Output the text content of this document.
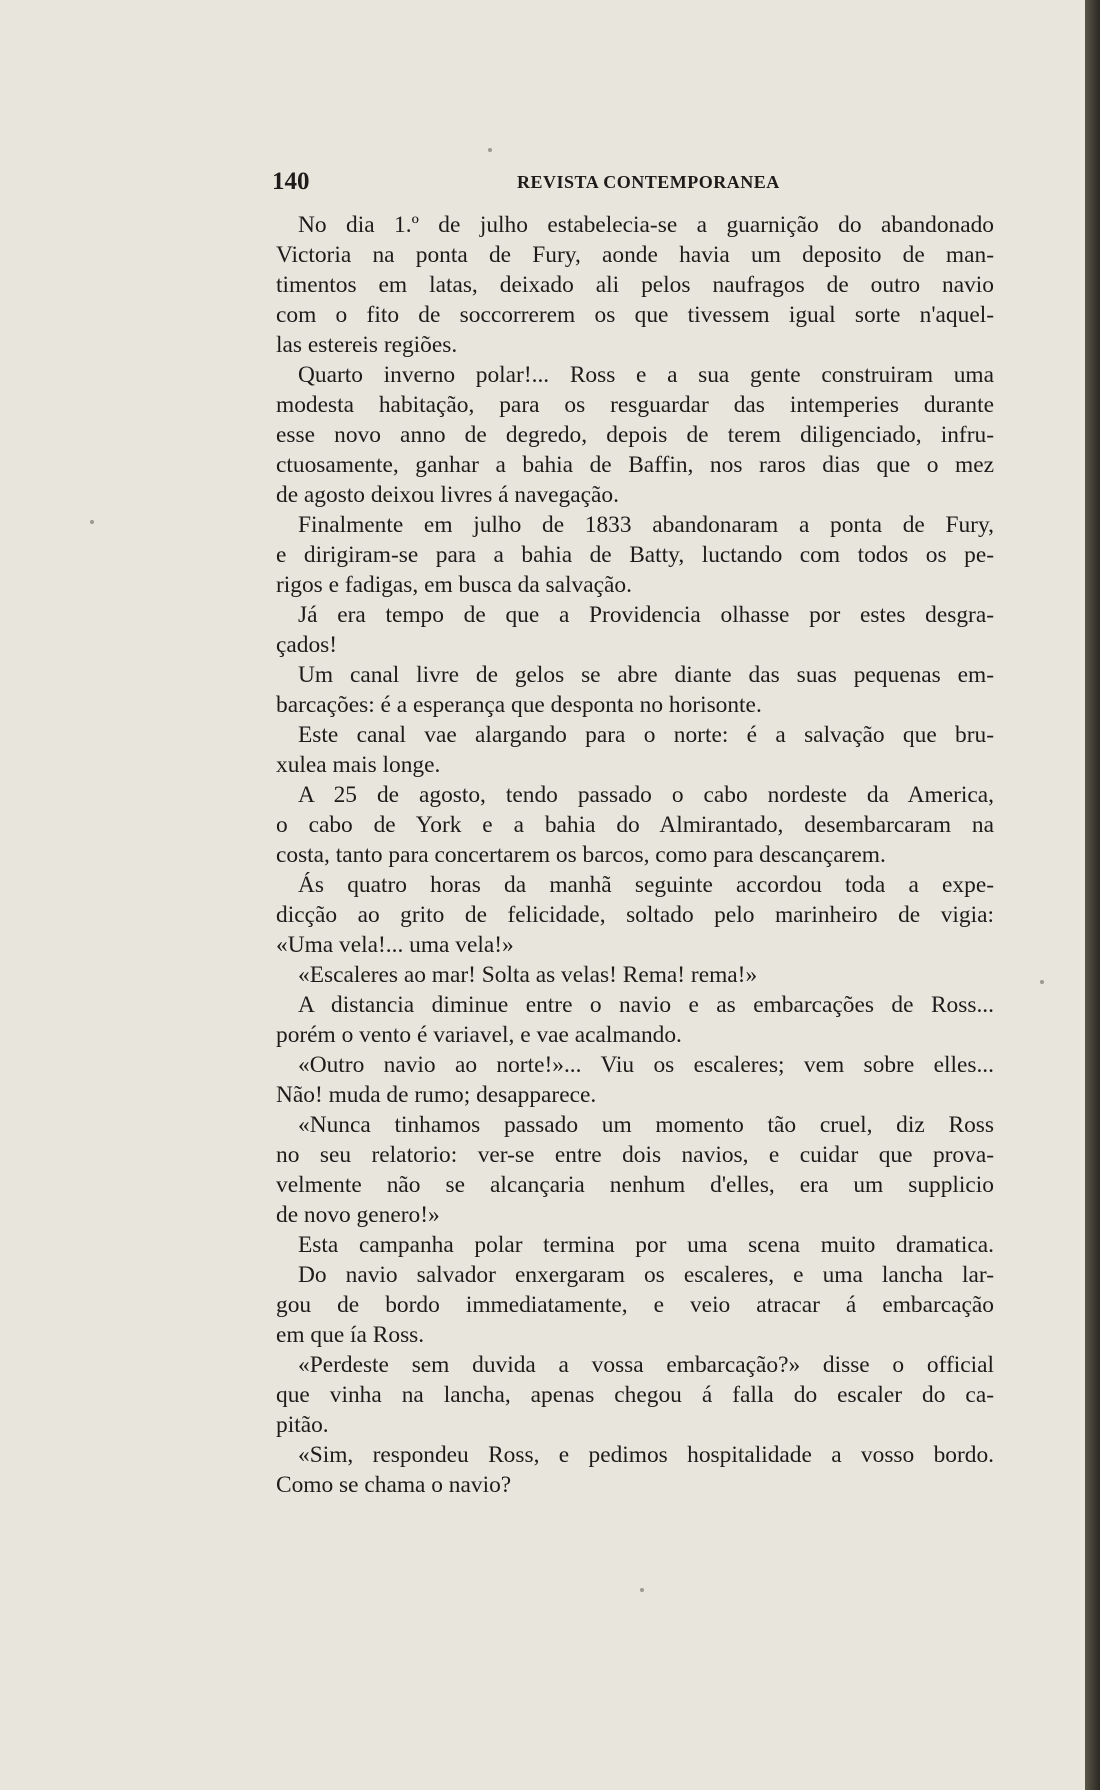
140	REVISTA CONTEMPORANEA
No dia 1.º de julho estabelecia-se a guarnição do abandonado
Victoria na ponta de Fury, aonde havia um deposito de man-
timentos em latas, deixado ali pelos naufragos de outro navio
com o fito de soccorrerem os que tivessem igual sorte n'aquel-
las estereis regiões.
Quarto inverno polar!... Ross e a sua gente construiram uma
modesta habitação, para os resguardar das intemperies durante
esse novo anno de degredo, depois de terem diligenciado, infru-
ctuosamente, ganhar a bahia de Baffin, nos raros dias que o mez
de agosto deixou livres á navegação.
Finalmente em julho de 1833 abandonaram a ponta de Fury,
e dirigiram-se para a bahia de Batty, luctando com todos os pe-
rigos e fadigas, em busca da salvação.
Já era tempo de que a Providencia olhasse por estes desgra-
çados!
Um canal livre de gelos se abre diante das suas pequenas em-
barcações: é a esperança que desponta no horisonte.
Este canal vae alargando para o norte: é a salvação que bru-
xulea mais longe.
A 25 de agosto, tendo passado o cabo nordeste da America,
o cabo de York e a bahia do Almirantado, desembarcaram na
costa, tanto para concertarem os barcos, como para descançarem.
Ás quatro horas da manhã seguinte accordou toda a expe-
dicção ao grito de felicidade, soltado pelo marinheiro de vigia:
«Uma vela!... uma vela!»
«Escaleres ao mar! Solta as velas! Rema! rema!»
A distancia diminue entre o navio e as embarcações de Ross...
porém o vento é variavel, e vae acalmando.
«Outro navio ao norte!»... Viu os escaleres; vem sobre elles...
Não! muda de rumo; desapparece.
«Nunca tinhamos passado um momento tão cruel, diz Ross
no seu relatorio: ver-se entre dois navios, e cuidar que prova-
velmente não se alcançaria nenhum d'elles, era um supplicio
de novo genero!»
Esta campanha polar termina por uma scena muito dramatica.
Do navio salvador enxergaram os escaleres, e uma lancha lar-
gou de bordo immediatamente, e veio atracar á embarcação
em que ía Ross.
«Perdeste sem duvida a vossa embarcação?» disse o official
que vinha na lancha, apenas chegou á falla do escaler do ca-
pitão.
«Sim, respondeu Ross, e pedimos hospitalidade a vosso bordo.
Como se chama o navio?
